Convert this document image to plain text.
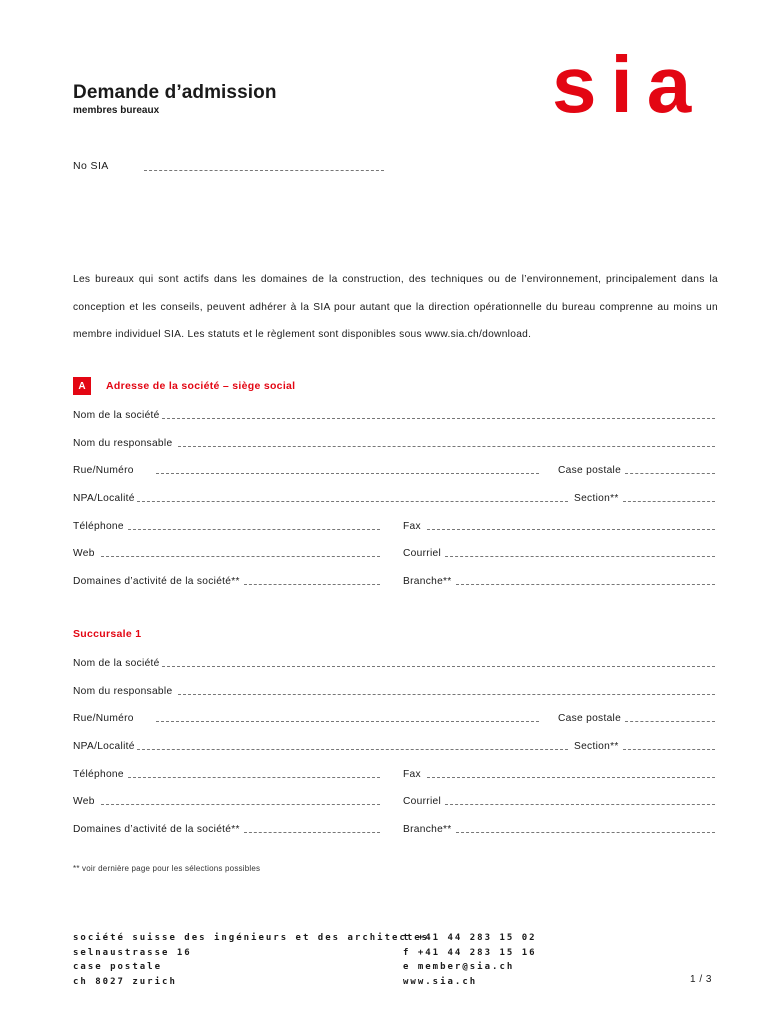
Demande d’admission
membres bureaux	sia
No SIA
Les bureaux qui sont actifs dans les domaines de la construction, des techniques ou de l’environnement, principalement dans la conception et les conseils, peuvent adhérer à la SIA pour autant que la direction opérationnelle du bureau comprenne au moins un membre individuel SIA. Les statuts et le règlement sont disponibles sous www.sia.ch/download.
A	Adresse de la société – siège social
Nom de la société
Nom du responsable
Rue/Numéro	Case postale
NPA/Localité	Section**
Téléphone	Fax
Web	Courriel
Domaines d’activité de la société**	Branche**
Succursale 1
Nom de la société
Nom du responsable
Rue/Numéro	Case postale
NPA/Localité	Section**
Téléphone	Fax
Web	Courriel
Domaines d’activité de la société**	Branche**
** voir dernière page pour les sélections possibles
société suisse des ingénieurs et des architectes
selnaustrasse 16
case postale
ch 8027 zurich
t +41 44 283 15 02
f +41 44 283 15 16
e member@sia.ch
www.sia.ch	1 / 3
